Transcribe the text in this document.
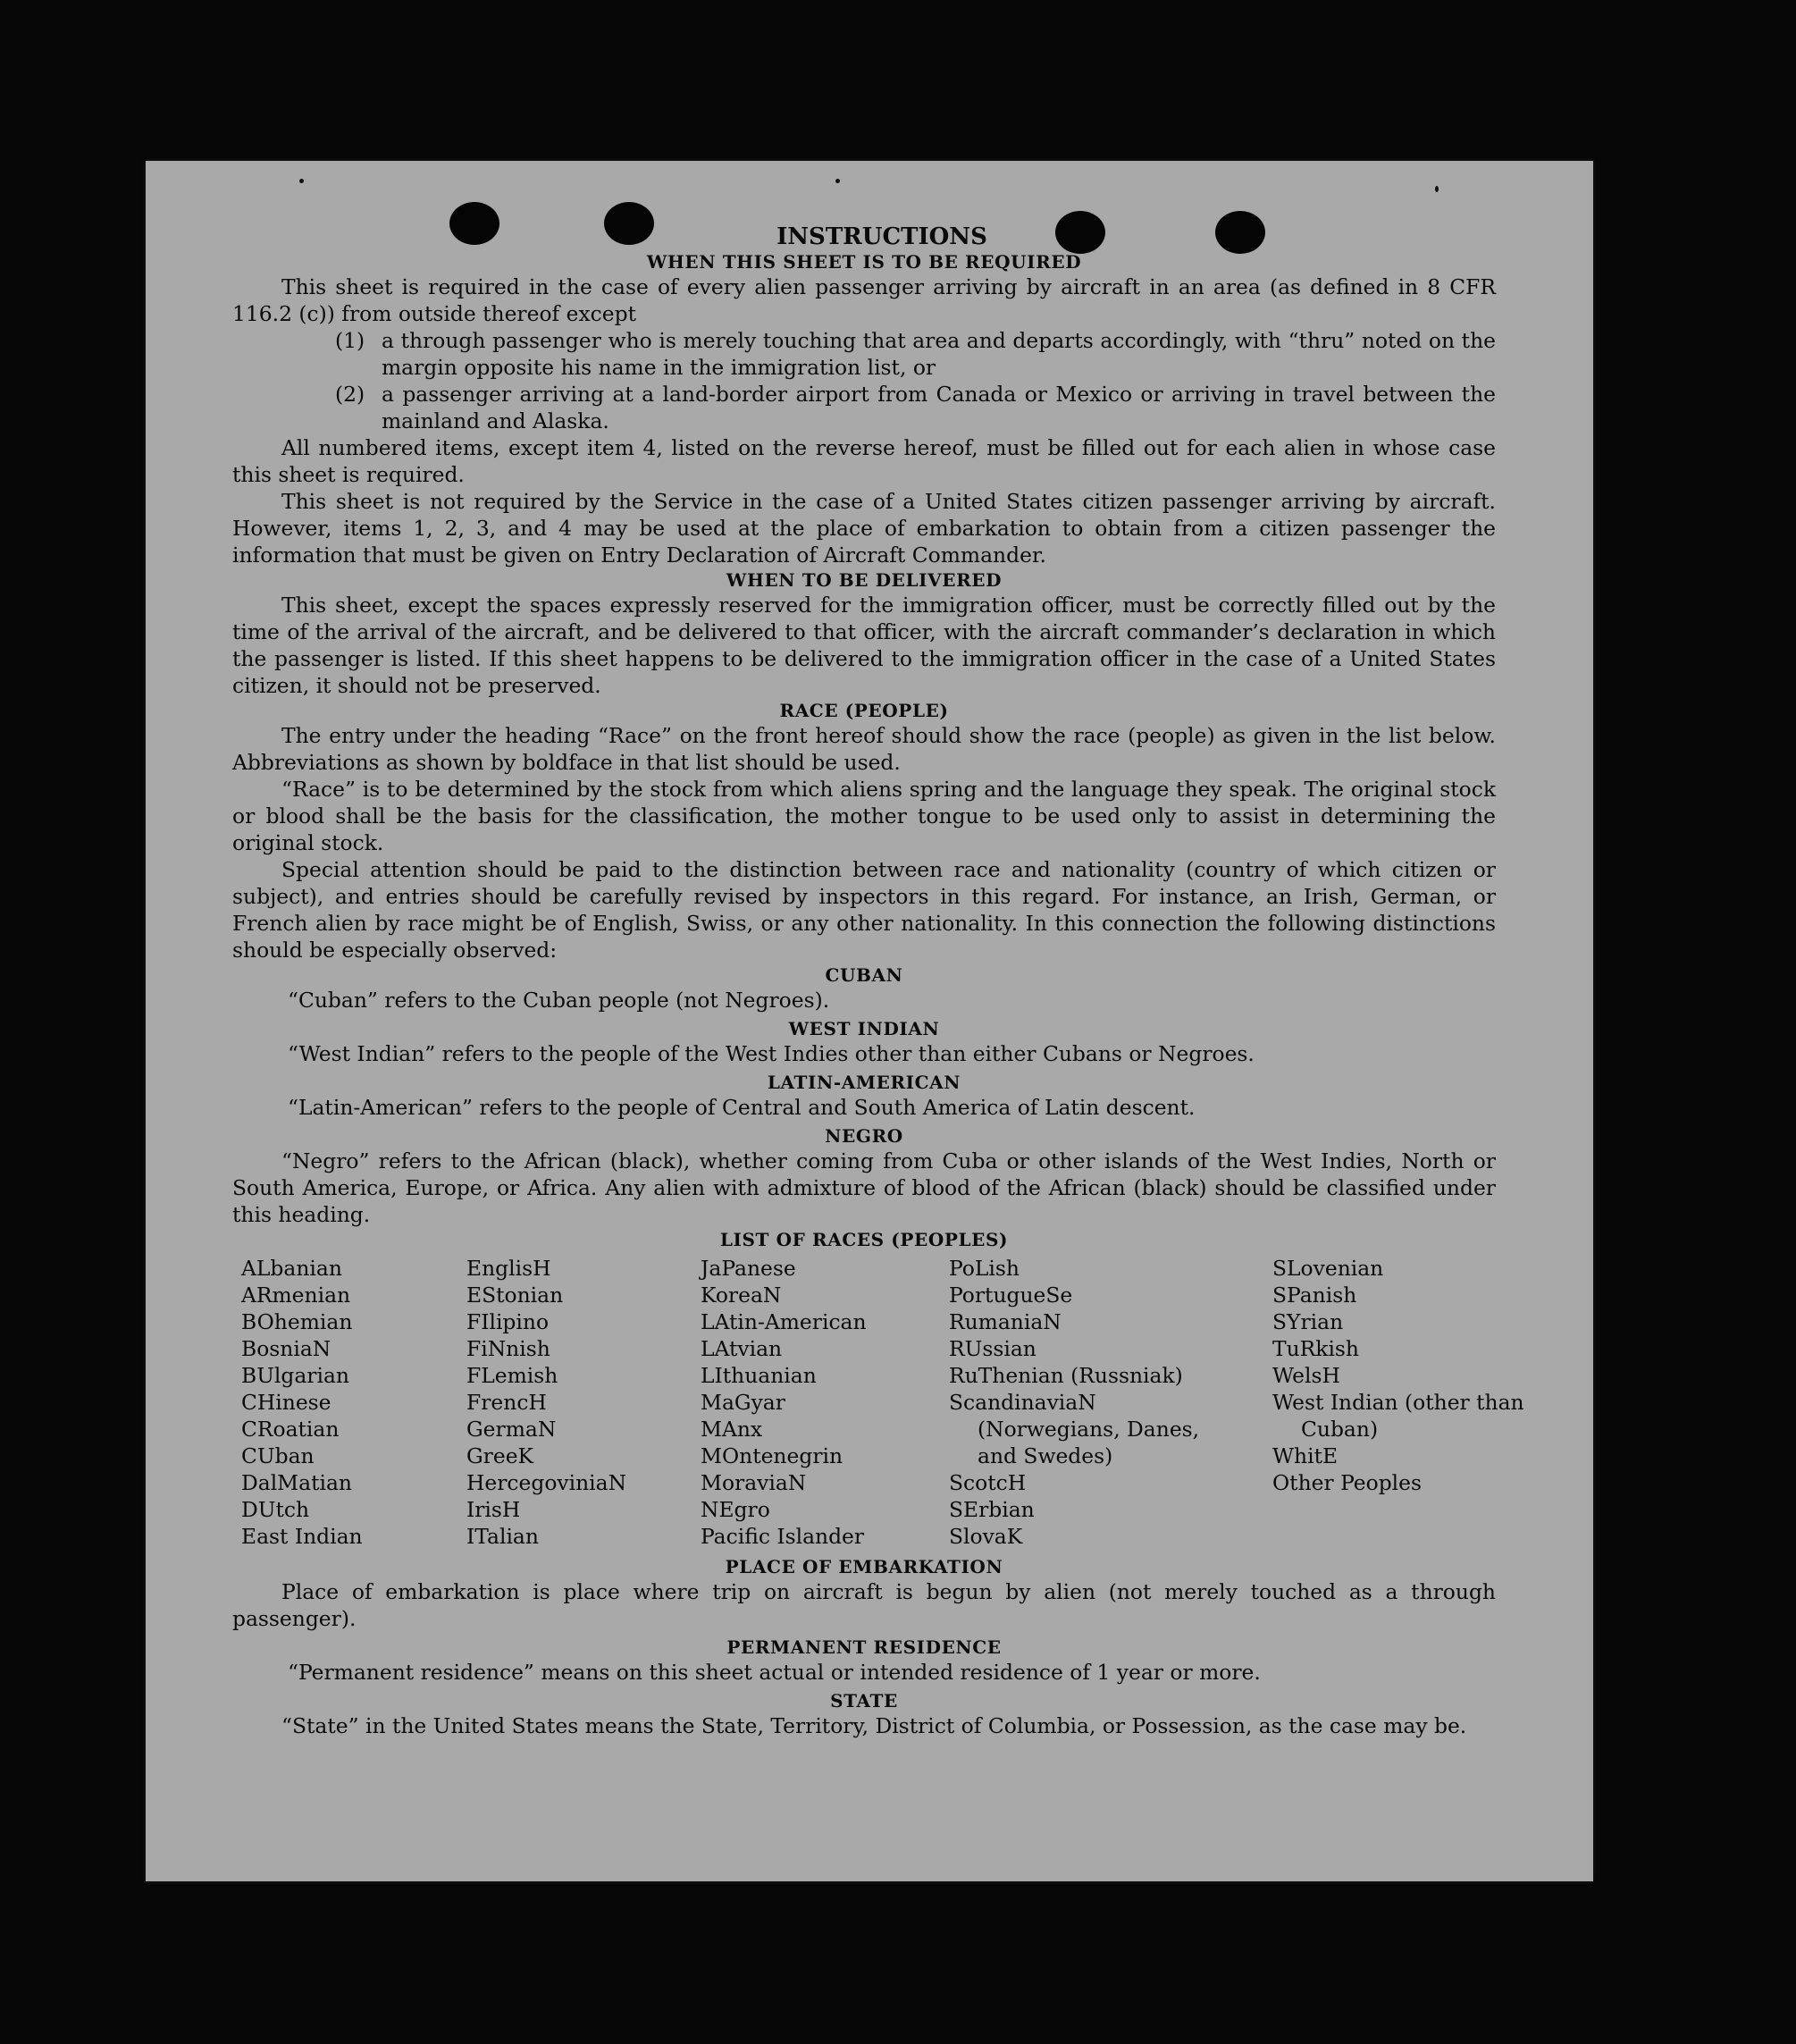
INSTRUCTIONS
WHEN THIS SHEET IS TO BE REQUIRED

This sheet is required in the case of every alien passenger arriving by aircraft in an area (as defined in 8 CFR 116.2 (c)) from outside thereof except

(1) a through passenger who is merely touching that area and departs accordingly, with “thru” noted on the margin opposite his name in the immigration list, or
(2) a passenger arriving at a land-border airport from Canada or Mexico or arriving in travel between the mainland and Alaska.

All numbered items, except item 4, listed on the reverse hereof, must be filled out for each alien in whose case this sheet is required.

This sheet is not required by the Service in the case of a United States citizen passenger arriving by aircraft. However, items 1, 2, 3, and 4 may be used at the place of embarkation to obtain from a citizen passenger the information that must be given on Entry Declaration of Aircraft Commander.

WHEN TO BE DELIVERED

This sheet, except the spaces expressly reserved for the immigration officer, must be correctly filled out by the time of the arrival of the aircraft, and be delivered to that officer, with the aircraft commander’s declaration in which the passenger is listed. If this sheet happens to be delivered to the immigration officer in the case of a United States citizen, it should not be preserved.

RACE (PEOPLE)

The entry under the heading “Race” on the front hereof should show the race (people) as given in the list below. Abbreviations as shown by boldface in that list should be used.

“Race” is to be determined by the stock from which aliens spring and the language they speak. The original stock or blood shall be the basis for the classification, the mother tongue to be used only to assist in determining the original stock.

Special attention should be paid to the distinction between race and nationality (country of which citizen or subject), and entries should be carefully revised by inspectors in this regard. For instance, an Irish, German, or French alien by race might be of English, Swiss, or any other nationality. In this connection the following distinctions should be especially observed:

CUBAN
“Cuban” refers to the Cuban people (not Negroes).
WEST INDIAN
“West Indian” refers to the people of the West Indies other than either Cubans or Negroes.
LATIN-AMERICAN
“Latin-American” refers to the people of Central and South America of Latin descent.
NEGRO

“Negro” refers to the African (black), whether coming from Cuba or other islands of the West Indies, North or South America, Europe, or Africa. Any alien with admixture of blood of the African (black) should be classified under this heading.

LIST OF RACES (PEOPLES)
ALbanian
ARmenian
BOhemian
BosniaN
BUlgarian
CHinese
CRoatian
CUban
DalMatian
DUtch
East Indian
EnglisH
EStonian
FIlipino
FiNnish
FLemish
FrencH
GermaN
GreeK
HercegoviniaN
IrisH
ITalian
JaPanese
KoreaN
LAtin-American
LAtvian
LIthuanian
MaGyar
MAnx
MOntenegrin
MoraviaN
NEgro
Pacific Islander
PoLish
PortugueSe
RumaniaN
RUssian
RuThenian (Russniak)
ScandinaviaN (Norwegians, Danes, and Swedes)
ScotcH
SErbian
SlovaK
SLovenian
SPanish
SYrian
TuRkish
WelsH
West Indian (other than Cuban)
WhitE
Other Peoples
PLACE OF EMBARKATION

Place of embarkation is place where trip on aircraft is begun by alien (not merely touched as a through passenger).

PERMANENT RESIDENCE
“Permanent residence” means on this sheet actual or intended residence of 1 year or more.
STATE

“State” in the United States means the State, Territory, District of Columbia, or Possession, as the case may be.
